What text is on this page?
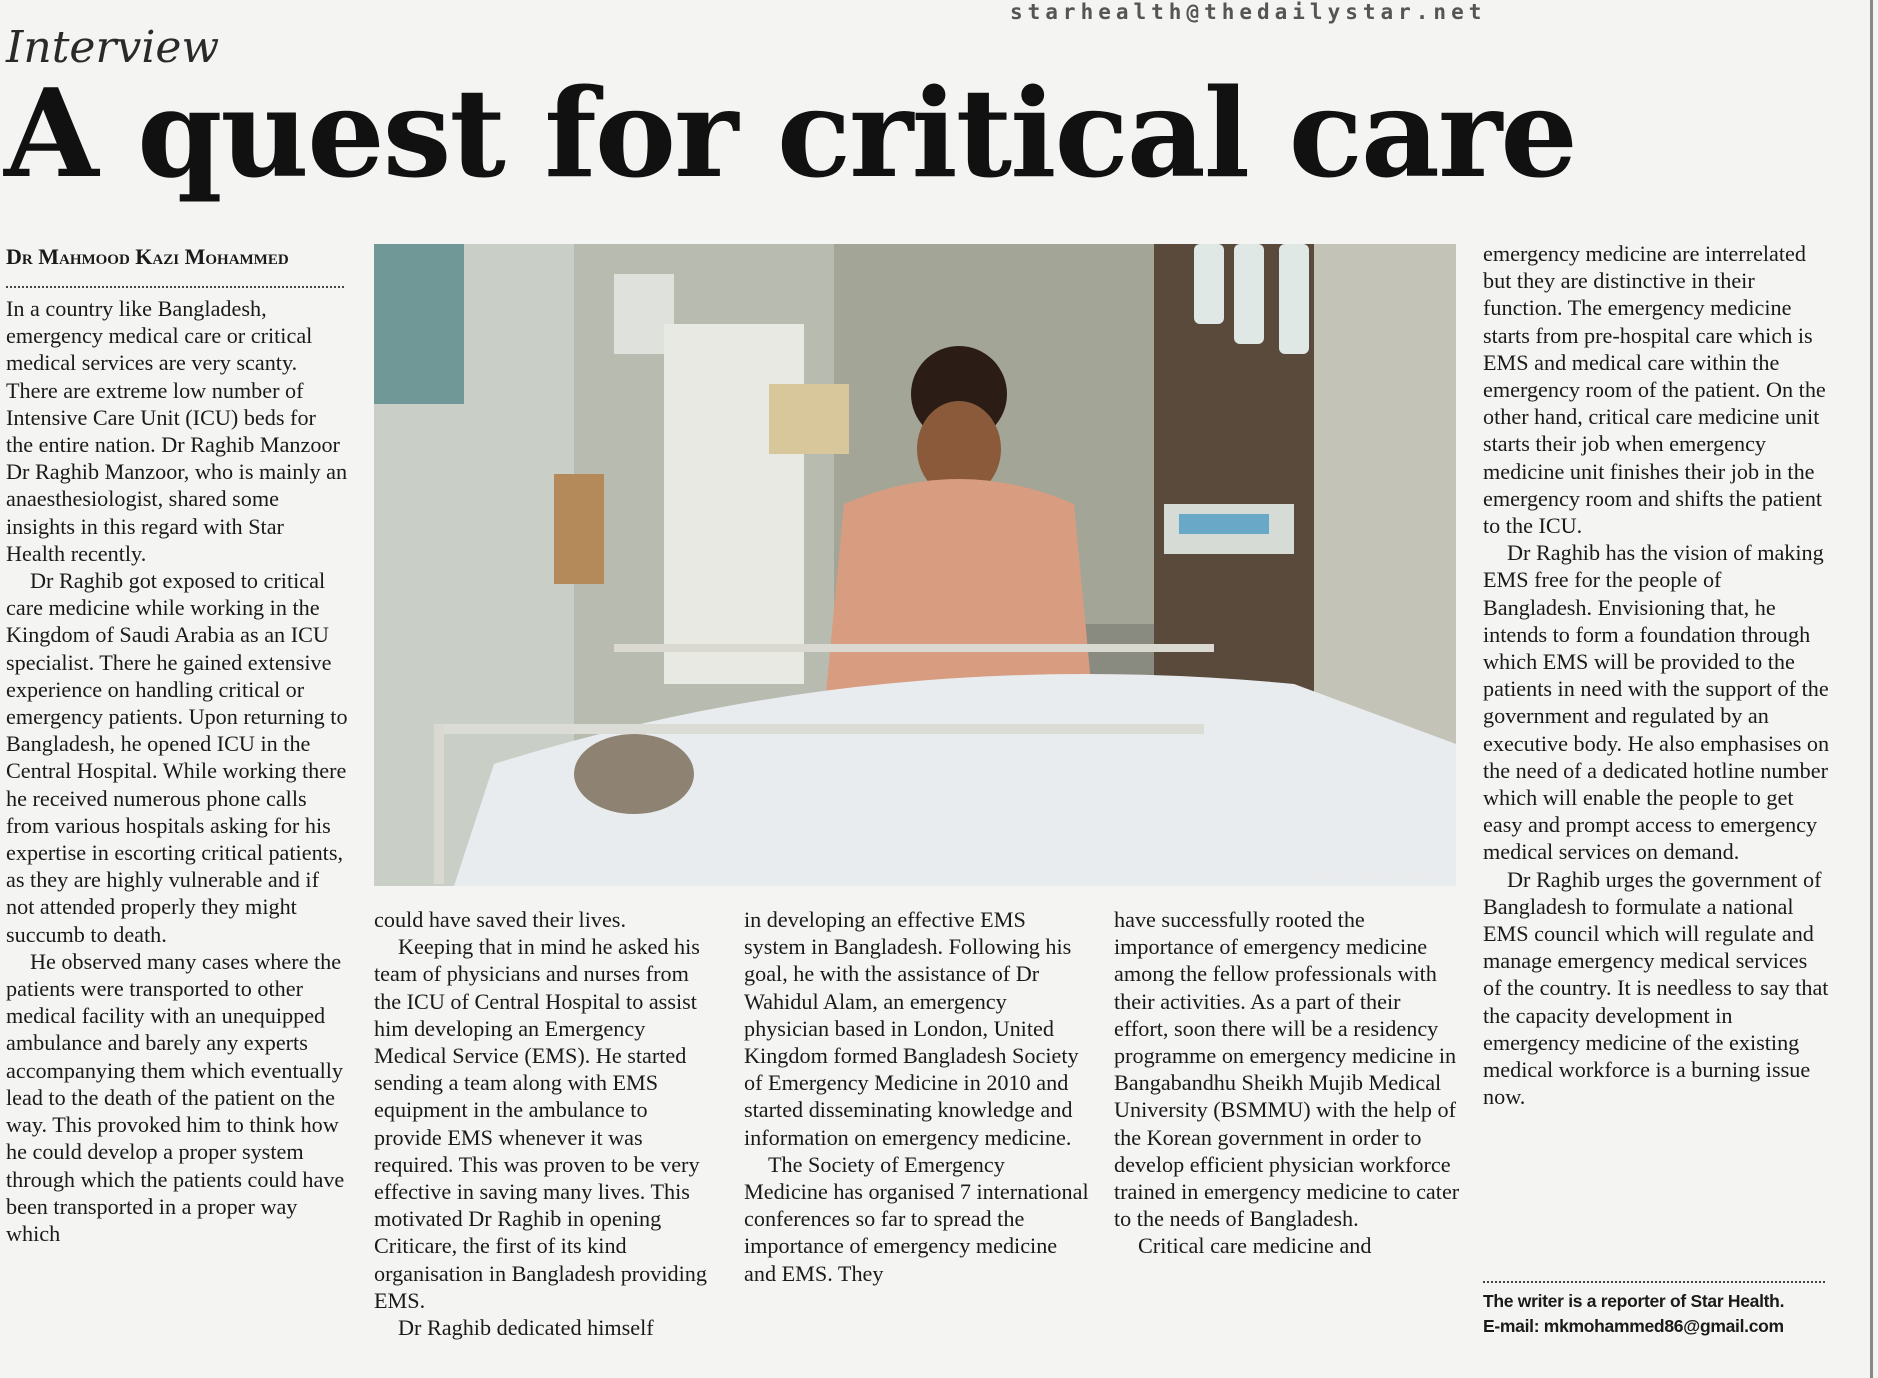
starhealth@thedailystar.net
Interview
A quest for critical care
Dr Mahmood Kazi Mohammed

In a country like Bangladesh, emergency medical care or critical medical services are very scanty. There are extreme low number of Intensive Care Unit (ICU) beds for the entire nation. Dr Raghib Manzoor Dr Raghib Manzoor, who is mainly an anaesthesiologist, shared some insights in this regard with Star Health recently.

Dr Raghib got exposed to critical care medicine while working in the Kingdom of Saudi Arabia as an ICU specialist. There he gained extensive experience on handling critical or emergency patients. Upon returning to Bangladesh, he opened ICU in the Central Hospital. While working there he received numerous phone calls from various hospitals asking for his expertise in escorting critical patients, as they are highly vulnerable and if not attended properly they might succumb to death.

He observed many cases where the patients were transported to other medical facility with an unequipped ambulance and barely any experts accompanying them which eventually lead to the death of the patient on the way. This provoked him to think how he could develop a proper system through which the patients could have been transported in a proper way which

PHOTO: TAREQ SALAHUDDIN

could have saved their lives.

Keeping that in mind he asked his team of physicians and nurses from the ICU of Central Hospital to assist him developing an Emergency Medical Service (EMS). He started sending a team along with EMS equipment in the ambulance to provide EMS whenever it was required. This was proven to be very effective in saving many lives. This motivated Dr Raghib in opening Criticare, the first of its kind organisation in Bangladesh providing EMS.

Dr Raghib dedicated himself

in developing an effective EMS system in Bangladesh. Following his goal, he with the assistance of Dr Wahidul Alam, an emergency physician based in London, United Kingdom formed Bangladesh Society of Emergency Medicine in 2010 and started disseminating knowledge and information on emergency medicine.

The Society of Emergency Medicine has organised 7 international conferences so far to spread the importance of emergency medicine and EMS. They

have successfully rooted the importance of emergency medicine among the fellow professionals with their activities. As a part of their effort, soon there will be a residency programme on emergency medicine in Bangabandhu Sheikh Mujib Medical University (BSMMU) with the help of the Korean government in order to develop efficient physician workforce trained in emergency medicine to cater to the needs of Bangladesh.

Critical care medicine and

emergency medicine are interrelated but they are distinctive in their function. The emergency medicine starts from pre-hospital care which is EMS and medical care within the emergency room of the patient. On the other hand, critical care medicine unit starts their job when emergency medicine unit finishes their job in the emergency room and shifts the patient to the ICU.

Dr Raghib has the vision of making EMS free for the people of Bangladesh. Envisioning that, he intends to form a foundation through which EMS will be provided to the patients in need with the support of the government and regulated by an executive body. He also emphasises on the need of a dedicated hotline number which will enable the people to get easy and prompt access to emergency medical services on demand.

Dr Raghib urges the government of Bangladesh to formulate a national EMS council which will regulate and manage emergency medical services of the country. It is needless to say that the capacity development in emergency medicine of the existing medical workforce is a burning issue now.

The writer is a reporter of Star Health.
E-mail: mkmohammed86@gmail.com
